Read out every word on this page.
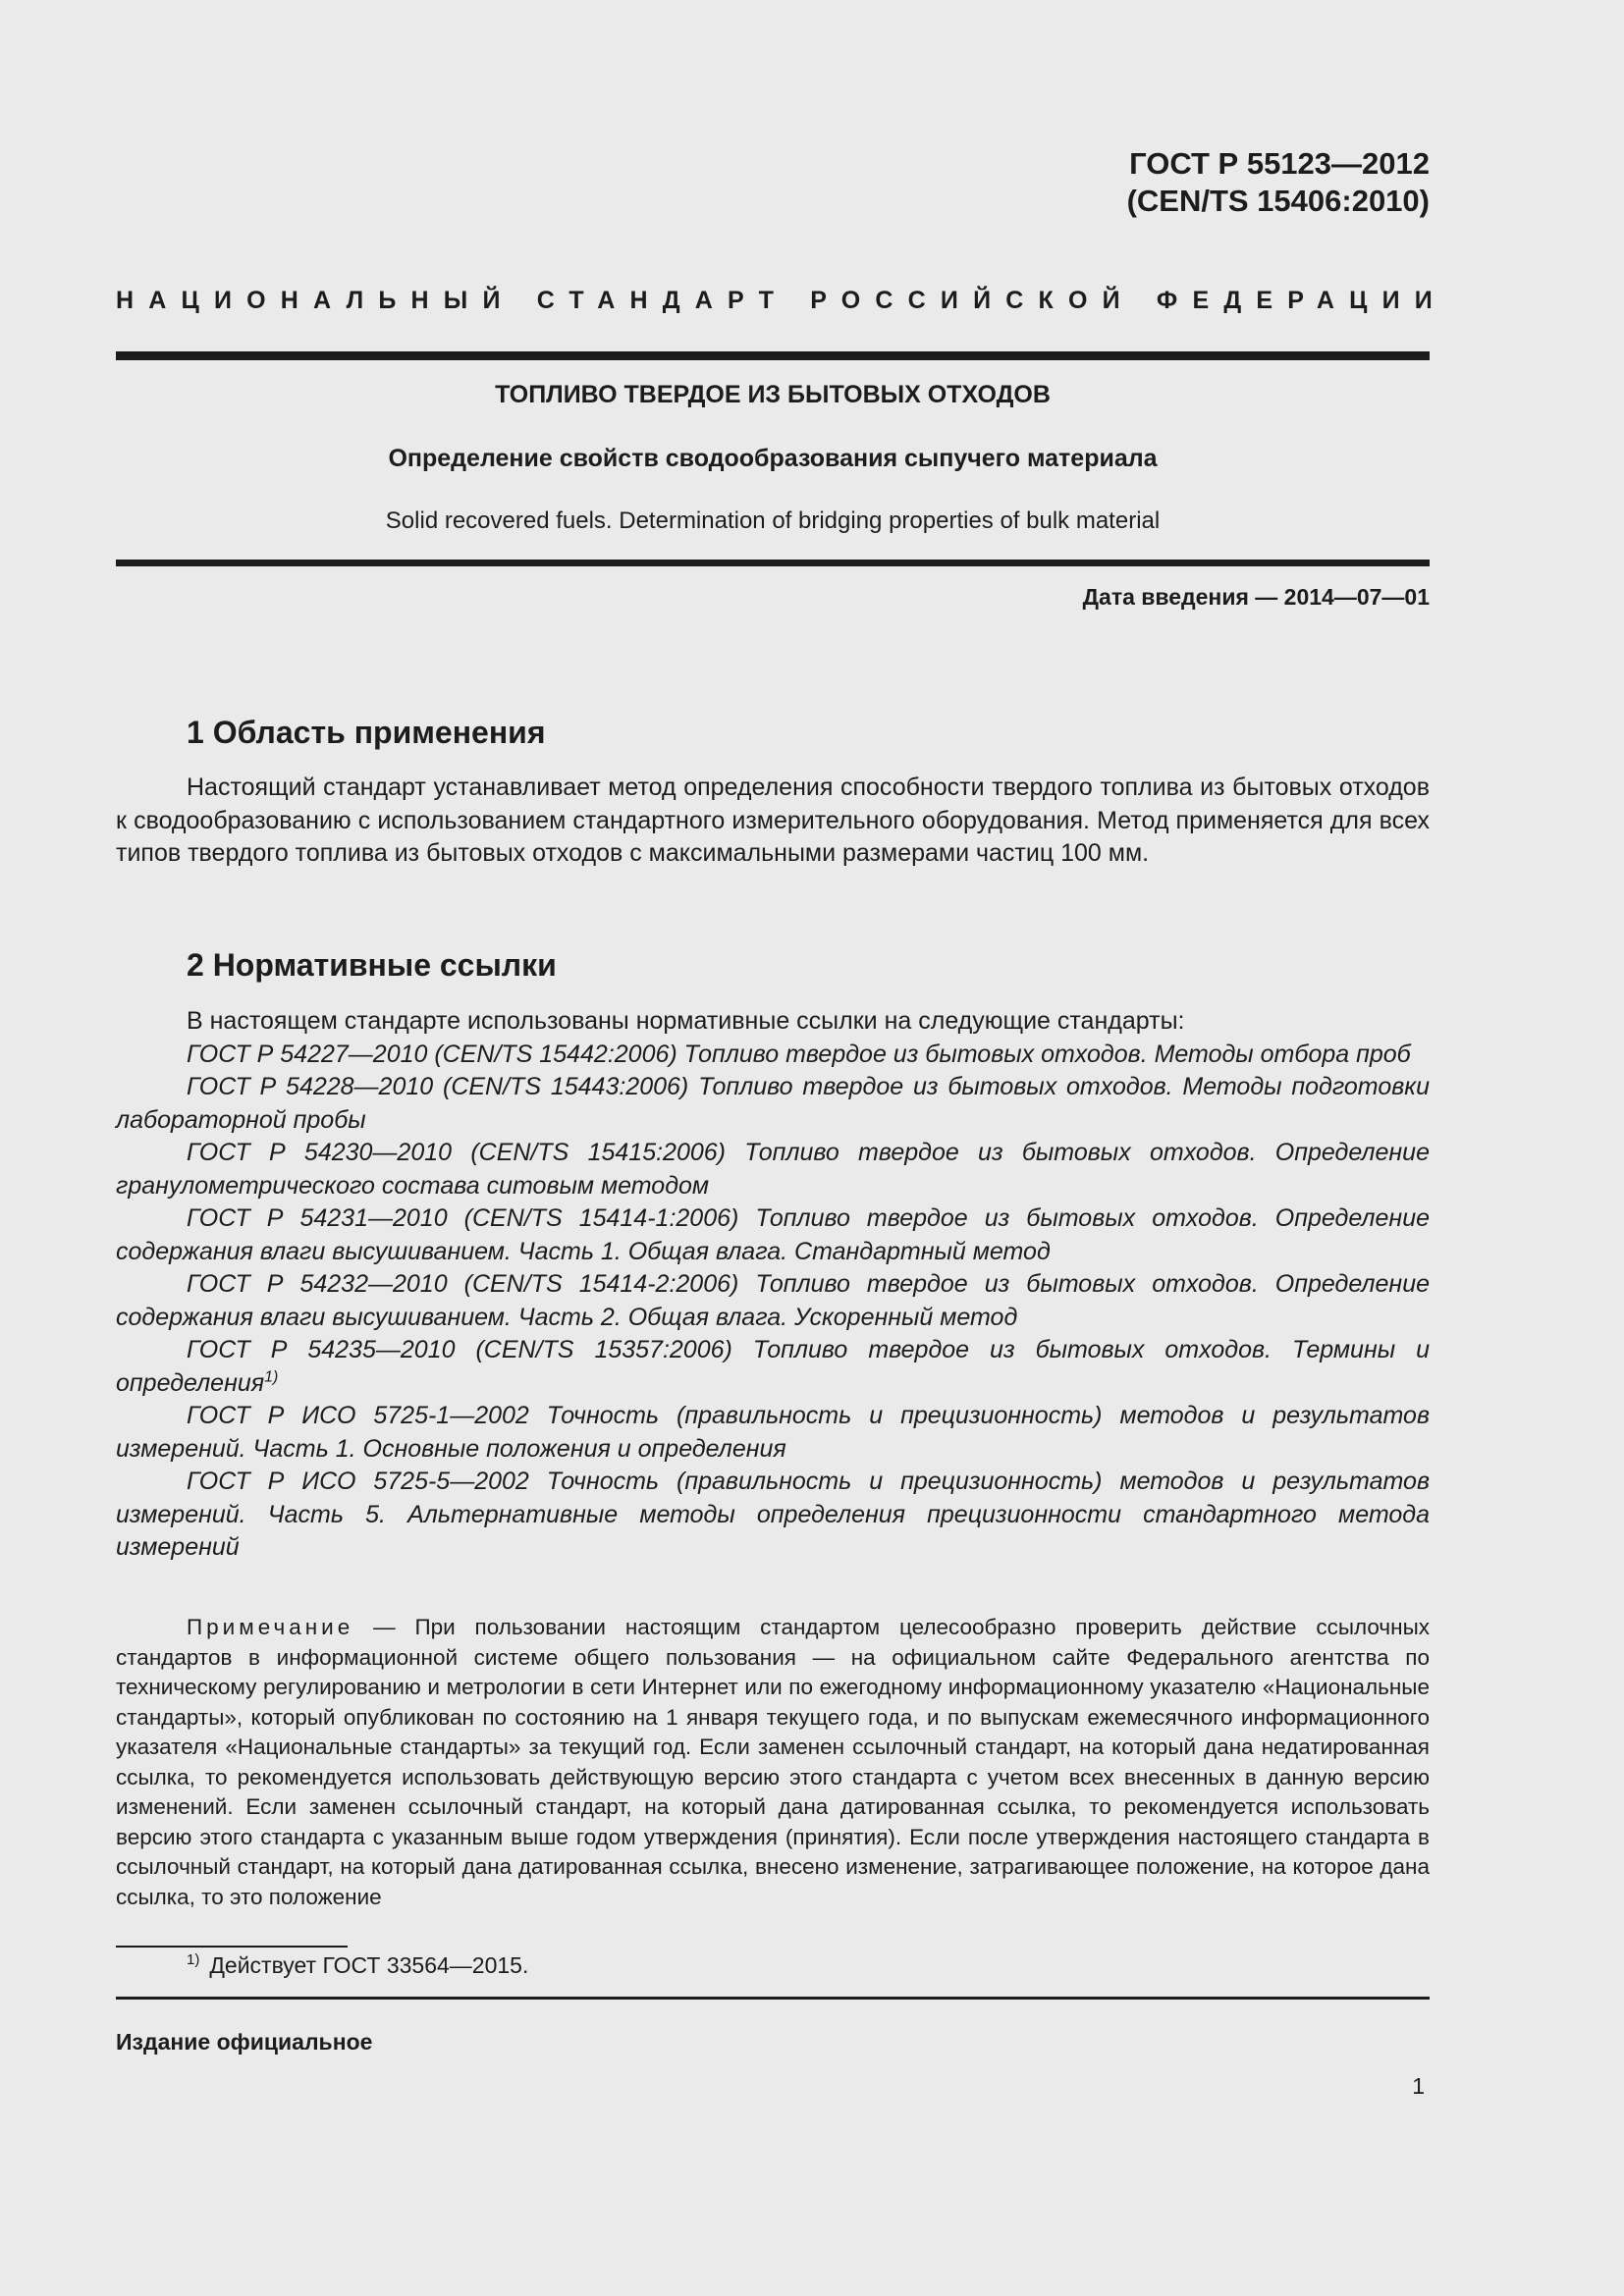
ГОСТ Р 55123—2012
(CEN/TS 15406:2010)
НАЦИОНАЛЬНЫЙ СТАНДАРТ РОССИЙСКОЙ ФЕДЕРАЦИИ
ТОПЛИВО ТВЕРДОЕ ИЗ БЫТОВЫХ ОТХОДОВ
Определение свойств сводообразования сыпучего материала
Solid recovered fuels. Determination of bridging properties of bulk material
Дата введения — 2014—07—01
1 Область применения
Настоящий стандарт устанавливает метод определения способности твердого топлива из бытовых отходов к сводообразованию с использованием стандартного измерительного оборудования. Метод применяется для всех типов твердого топлива из бытовых отходов с максимальными размерами частиц 100 мм.
2 Нормативные ссылки

В настоящем стандарте использованы нормативные ссылки на следующие стандарты:

ГОСТ Р 54227—2010 (CEN/TS 15442:2006) Топливо твердое из бытовых отходов. Методы отбора проб

ГОСТ Р 54228—2010 (CEN/TS 15443:2006) Топливо твердое из бытовых отходов. Методы подготовки лабораторной пробы

ГОСТ Р 54230—2010 (CEN/TS 15415:2006) Топливо твердое из бытовых отходов. Определение гранулометрического состава ситовым методом

ГОСТ Р 54231—2010 (CEN/TS 15414-1:2006) Топливо твердое из бытовых отходов. Определение содержания влаги высушиванием. Часть 1. Общая влага. Стандартный метод

ГОСТ Р 54232—2010 (CEN/TS 15414-2:2006) Топливо твердое из бытовых отходов. Определение содержания влаги высушиванием. Часть 2. Общая влага. Ускоренный метод

ГОСТ Р 54235—2010 (CEN/TS 15357:2006) Топливо твердое из бытовых отходов. Термины и определения$^{1)}$

ГОСТ Р ИСО 5725-1—2002 Точность (правильность и прецизионность) методов и результатов измерений. Часть 1. Основные положения и определения

ГОСТ Р ИСО 5725-5—2002 Точность (правильность и прецизионность) методов и результатов измерений. Часть 5. Альтернативные методы определения прецизионности стандартного метода измерений

Примечание — При пользовании настоящим стандартом целесообразно проверить действие ссылочных стандартов в информационной системе общего пользования — на официальном сайте Федерального агентства по техническому регулированию и метрологии в сети Интернет или по ежегодному информационному указателю «Национальные стандарты», который опубликован по состоянию на 1 января текущего года, и по выпускам ежемесячного информационного указателя «Национальные стандарты» за текущий год. Если заменен ссылочный стандарт, на который дана недатированная ссылка, то рекомендуется использовать действующую версию этого стандарта с учетом всех внесенных в данную версию изменений. Если заменен ссылочный стандарт, на который дана датированная ссылка, то рекомендуется использовать версию этого стандарта с указанным выше годом утверждения (принятия). Если после утверждения настоящего стандарта в ссылочный стандарт, на который дана датированная ссылка, внесено изменение, затрагивающее положение, на которое дана ссылка, то это положение
$^{1)}$ Действует ГОСТ 33564—2015.
Издание официальное
1
